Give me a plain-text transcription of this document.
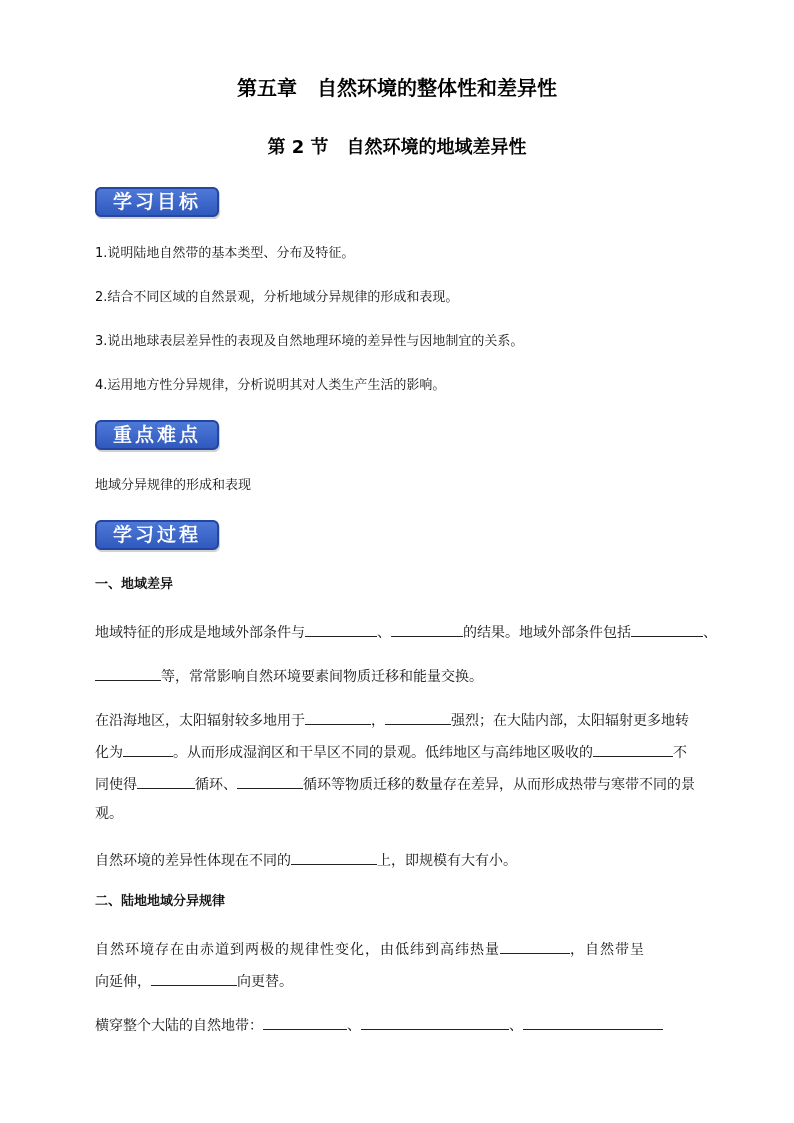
第五章　自然环境的整体性和差异性
第 2 节　自然环境的地域差异性
学习目标
1.说明陆地自然带的基本类型、分布及特征。
2.结合不同区域的自然景观，分析地域分异规律的形成和表现。
3.说出地球表层差异性的表现及自然地理环境的差异性与因地制宜的关系。
4.运用地方性分异规律，分析说明其对人类生产生活的影响。
重点难点
地域分异规律的形成和表现
学习过程
一、地域差异
地域特征的形成是地域外部条件与	、	的结果。地域外部条件包括	、
等，常常影响自然环境要素间物质迁移和能量交换。
在沿海地区，太阳辐射较多地用于	，	强烈；在大陆内部，太阳辐射更多地转
化为	。从而形成湿润区和干旱区不同的景观。低纬地区与高纬地区吸收的	不
同使得	循环、	循环等物质迁移的数量存在差异，从而形成热带与寒带不同的景
观。
自然环境的差异性体现在不同的	上，即规模有大有小。
二、陆地地域分异规律
自然环境存在由赤道到两极的规律性变化，由低纬到高纬热量	，自然带呈
向延伸，	向更替。
横穿整个大陆的自然地带：	、	、
